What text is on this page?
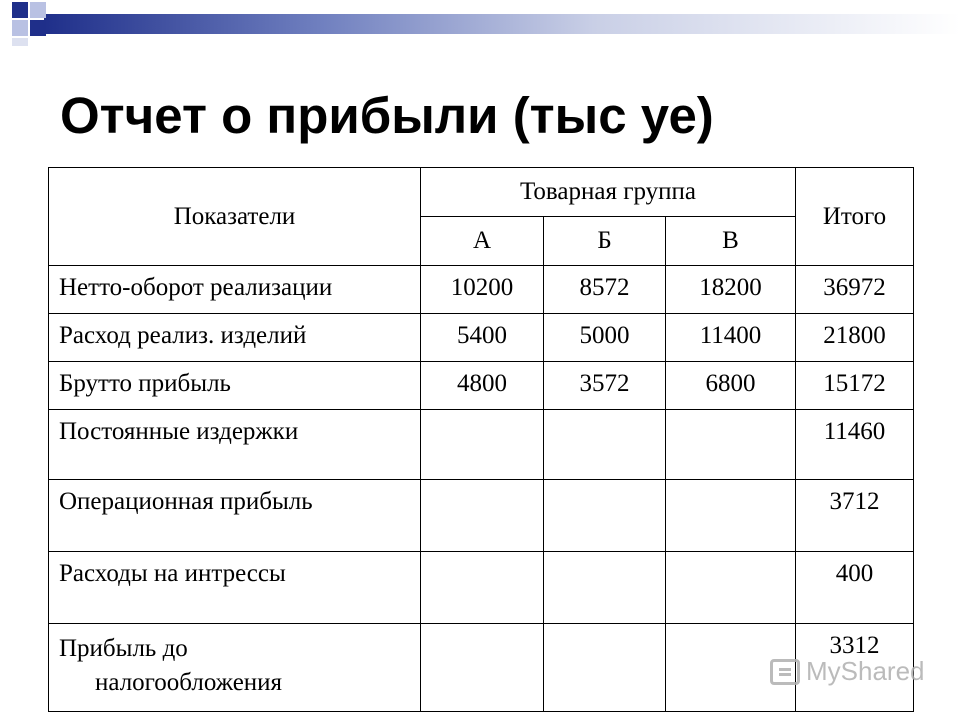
Отчет о прибыли (тыс уе)
Показатели	Товарная группа			Итого
	А	Б	В	
Нетто-оборот реализации	10200	8572	18200	36972
Расход реализ. изделий	5400	5000	11400	21800
Брутто прибыль	4800	3572	6800	15172
Постоянные издержки				11460
Операционная прибыль				3712
Расходы на интрессы				400
Прибыль до
налогообложения				3312
MyShared
